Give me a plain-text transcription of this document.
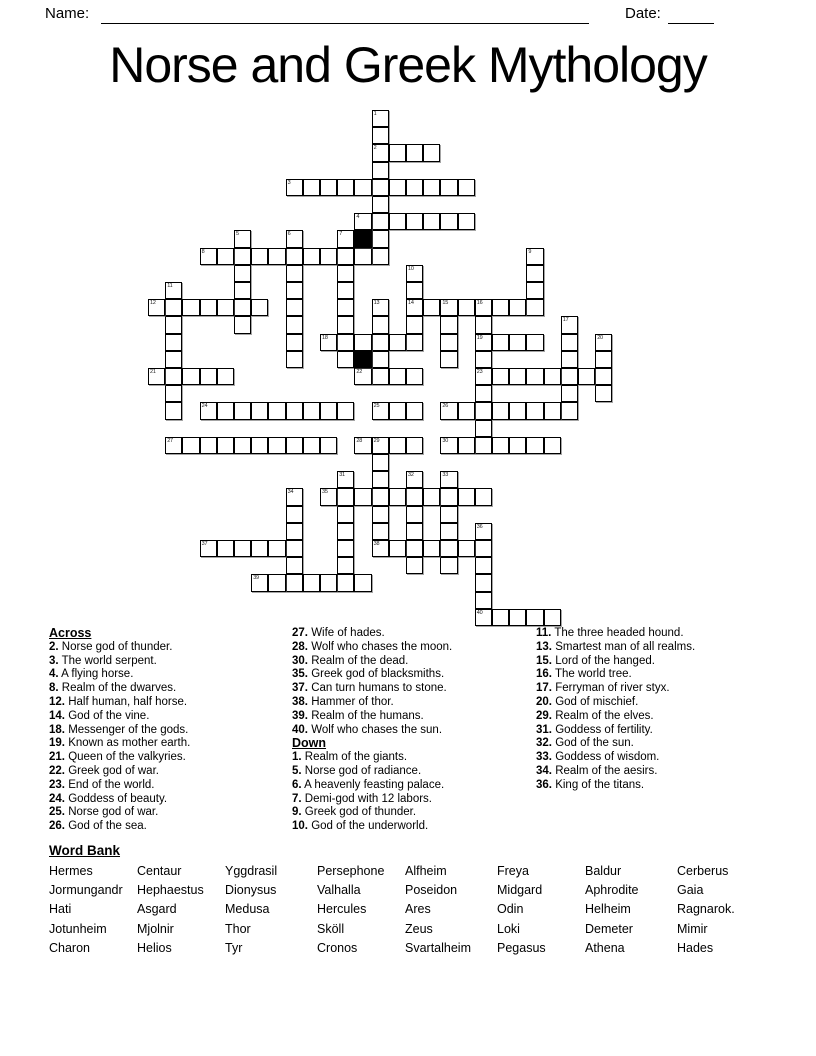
Name:	Date:
Norse and Greek Mythology
1
2
3
4
5	6	7
8	9
10
14
11
12	13	15	16
19
23
17
18	20
21	22
24	25	26
27	28 29
38
30
31	32	33
34	35
36
40
37
39
Across
2. Norse god of thunder.
3. The world serpent.
4. A flying horse.
8. Realm of the dwarves.
12. Half human, half horse.
14. God of the vine.
18. Messenger of the gods.
19. Known as mother earth.
21. Queen of the valkyries.
22. Greek god of war.
23. End of the world.
24. Goddess of beauty.
25. Norse god of war.
26. God of the sea.
27. Wife of hades.
28. Wolf who chases the moon.
30. Realm of the dead.
35. Greek god of blacksmiths.
37. Can turn humans to stone.
38. Hammer of thor.
39. Realm of the humans.
40. Wolf who chases the sun.
Down
1. Realm of the giants.
5. Norse god of radiance.
6. A heavenly feasting palace.
7. Demi-god with 12 labors.
9. Greek god of thunder.
10. God of the underworld.
11. The three headed hound.
13. Smartest man of all realms.
15. Lord of the hanged.
16. The world tree.
17. Ferryman of river styx.
20. God of mischief.
29. Realm of the elves.
31. Goddess of fertility.
32. God of the sun.
33. Goddess of wisdom.
34. Realm of the aesirs.
36. King of the titans.
Word Bank
Hermes	Centaur	Yggdrasil	Persephone	Alfheim	Freya	Baldur	Cerberus
Jormungandr	Hephaestus	Dionysus	Valhalla	Poseidon	Midgard	Aphrodite	Gaia
Hati	Asgard	Medusa	Hercules	Ares	Odin	Helheim	Ragnarok.
Jotunheim	Mjolnir	Thor	Sköll	Zeus	Loki	Demeter	Mimir
Charon	Helios	Tyr	Cronos	Svartalheim	Pegasus	Athena	Hades
